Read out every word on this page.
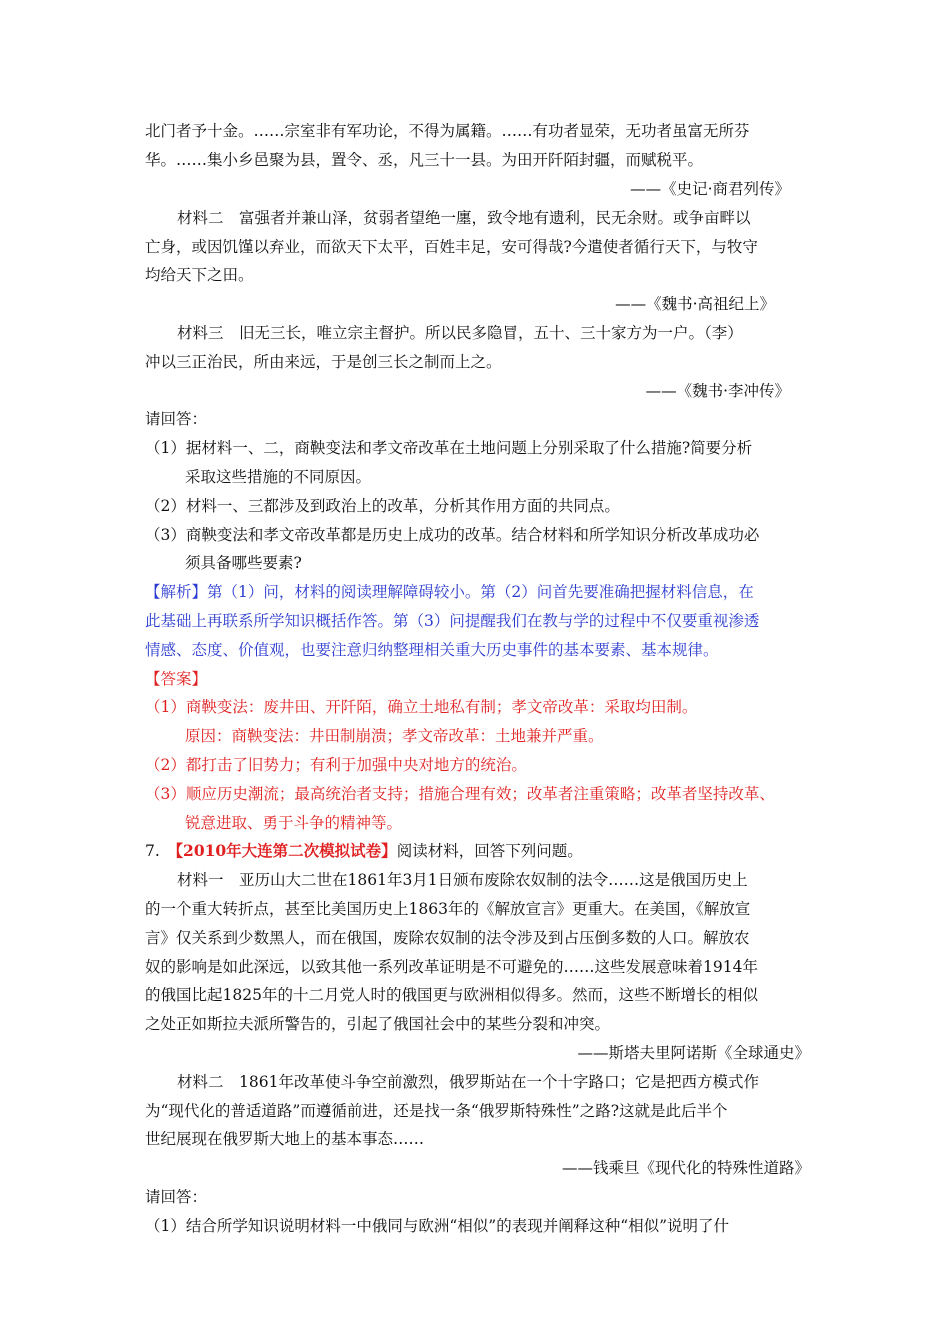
北门者予十金。……宗室非有军功论，不得为属籍。……有功者显荣，无功者虽富无所芬
华。……集小乡邑聚为县，置令、丞，凡三十一县。为田开阡陌封疆，而赋税平。
——《史记·商君列传》
材料二　富强者并兼山泽，贫弱者望绝一廛，致令地有遗利，民无余财。或争亩畔以
亡身，或因饥馑以弃业，而欲天下太平，百姓丰足，安可得哉?今遣使者循行天下，与牧守
均给天下之田。
——《魏书·高祖纪上》
材料三　旧无三长，唯立宗主督护。所以民多隐冒，五十、三十家方为一户。（李）
冲以三正治民，所由来远，于是创三长之制而上之。
——《魏书·李冲传》
请回答：
（1）据材料一、二，商鞅变法和孝文帝改革在土地问题上分别采取了什么措施?简要分析
采取这些措施的不同原因。
（2）材料一、三都涉及到政治上的改革，分析其作用方面的共同点。
（3）商鞅变法和孝文帝改革都是历史上成功的改革。结合材料和所学知识分析改革成功必
须具备哪些要素?
【解析】第（1）问，材料的阅读理解障碍较小。第（2）问首先要准确把握材料信息，在
此基础上再联系所学知识概括作答。第（3）问提醒我们在教与学的过程中不仅要重视渗透
情感、态度、价值观，也要注意归纳整理相关重大历史事件的基本要素、基本规律。
【答案】
（1）商鞅变法：废井田、开阡陌，确立土地私有制；孝文帝改革：采取均田制。
原因：商鞅变法：井田制崩溃；孝文帝改革：土地兼并严重。
（2）都打击了旧势力；有利于加强中央对地方的统治。
（3）顺应历史潮流；最高统治者支持；措施合理有效；改革者注重策略；改革者坚持改革、
锐意进取、勇于斗争的精神等。
7.　【2010年大连第二次模拟试卷】阅读材料，回答下列问题。
材料一　亚历山大二世在1861年3月1日颁布废除农奴制的法令……这是俄国历史上
的一个重大转折点，甚至比美国历史上1863年的《解放宣言》更重大。在美国，《解放宣
言》仅关系到少数黑人，而在俄国，废除农奴制的法令涉及到占压倒多数的人口。解放农
奴的影响是如此深远，以致其他一系列改革证明是不可避免的……这些发展意味着1914年
的俄国比起1825年的十二月党人时的俄国更与欧洲相似得多。然而，这些不断增长的相似
之处正如斯拉夫派所警告的，引起了俄国社会中的某些分裂和冲突。
——斯塔夫里阿诺斯《全球通史》
材料二　1861年改革使斗争空前激烈，俄罗斯站在一个十字路口；它是把西方模式作
为“现代化的普适道路”而遵循前进，还是找一条“俄罗斯特殊性”之路?这就是此后半个
世纪展现在俄罗斯大地上的基本事态……
——钱乘旦《现代化的特殊性道路》
请回答：
（1）结合所学知识说明材料一中俄同与欧洲“相似”的表现并阐释这种“相似”说明了什
